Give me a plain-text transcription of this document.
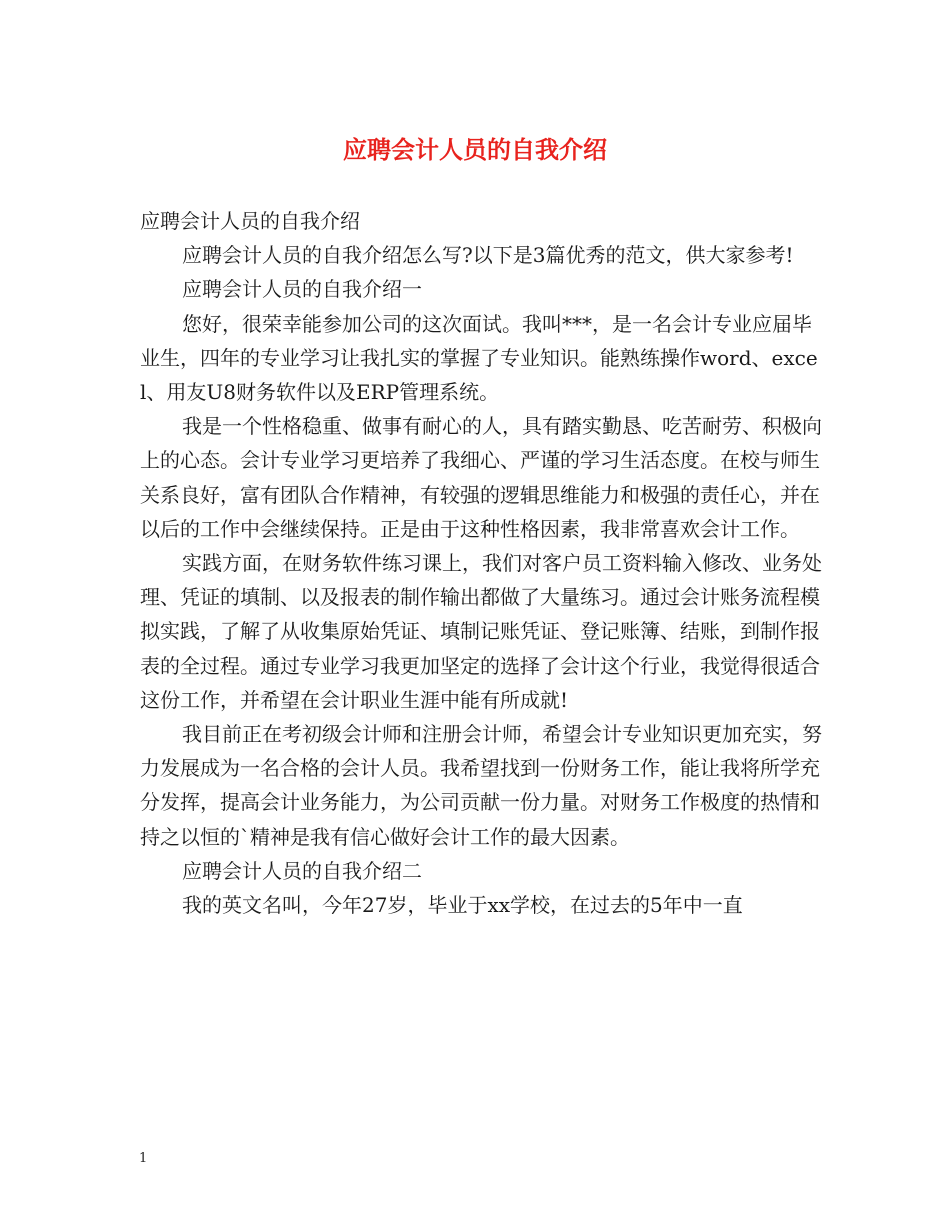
应聘会计人员的自我介绍

应聘会计人员的自我介绍

应聘会计人员的自我介绍怎么写?以下是3篇优秀的范文，供大家参考!

应聘会计人员的自我介绍一

您好，很荣幸能参加公司的这次面试。我叫***，是一名会计专业应届毕业生，四年的专业学习让我扎实的掌握了专业知识。能熟练操作word、excel、用友U8财务软件以及ERP管理系统。

我是一个性格稳重、做事有耐心的人，具有踏实勤恳、吃苦耐劳、积极向上的心态。会计专业学习更培养了我细心、严谨的学习生活态度。在校与师生关系良好，富有团队合作精神，有较强的逻辑思维能力和极强的责任心，并在以后的工作中会继续保持。正是由于这种性格因素，我非常喜欢会计工作。

实践方面，在财务软件练习课上，我们对客户员工资料输入修改、业务处理、凭证的填制、以及报表的制作输出都做了大量练习。通过会计账务流程模拟实践，了解了从收集原始凭证、填制记账凭证、登记账簿、结账，到制作报表的全过程。通过专业学习我更加坚定的选择了会计这个行业，我觉得很适合这份工作，并希望在会计职业生涯中能有所成就!

我目前正在考初级会计师和注册会计师，希望会计专业知识更加充实，努力发展成为一名合格的会计人员。我希望找到一份财务工作，能让我将所学充分发挥，提高会计业务能力，为公司贡献一份力量。对财务工作极度的热情和持之以恒的`精神是我有信心做好会计工作的最大因素。

应聘会计人员的自我介绍二

我的英文名叫，今年27岁，毕业于xx学校，在过去的5年中一直

1
